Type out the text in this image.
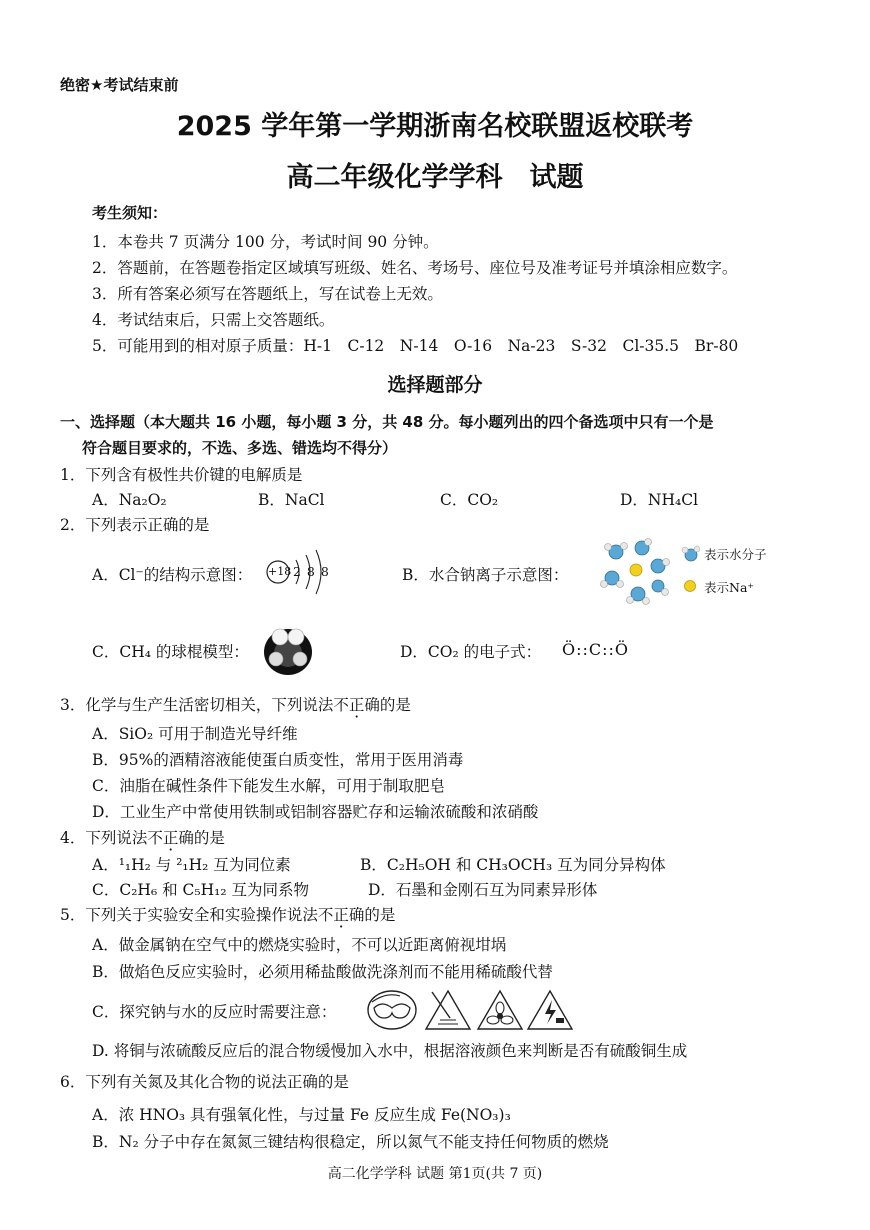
绝密★考试结束前
2025 学年第一学期浙南名校联盟返校联考
高二年级化学学科　试题
考生须知：
1．本卷共 7 页满分 100 分，考试时间 90 分钟。
2．答题前，在答题卷指定区域填写班级、姓名、考场号、座位号及准考证号并填涂相应数字。
3．所有答案必须写在答题纸上，写在试卷上无效。
4．考试结束后，只需上交答题纸。
5．可能用到的相对原子质量：H-1　C-12　N-14　O-16　Na-23　S-32　Cl-35.5　Br-80
选择题部分
一、选择题（本大题共 16 小题，每小题 3 分，共 48 分。每小题列出的四个备选项中只有一个是
符合题目要求的，不选、多选、错选均不得分）
1．下列含有极性共价键的电解质是
A．Na₂O₂	B．NaCl	C．CO₂	D．NH₄Cl
2．下列表示正确的是
A．Cl⁻的结构示意图： +18 2 8 8	B．水合钠离子示意图：
表示水分子
表示Na⁺
C．CH₄ 的球棍模型：	D．CO₂ 的电子式： Ö::C::Ö
3．化学与生产生活密切相关，下列说法不正确的是
A．SiO₂ 可用于制造光导纤维
B．95%的酒精溶液能使蛋白质变性，常用于医用消毒
C．油脂在碱性条件下能发生水解，可用于制取肥皂
D．工业生产中常使用铁制或铝制容器贮存和运输浓硫酸和浓硝酸
4．下列说法不正确的是
A．¹₁H₂ 与 ²₁H₂ 互为同位素	B．C₂H₅OH 和 CH₃OCH₃ 互为同分异构体
C．C₂H₆ 和 C₅H₁₂ 互为同系物	D．石墨和金刚石互为同素异形体
5．下列关于实验安全和实验操作说法不正确的是
A．做金属钠在空气中的燃烧实验时，不可以近距离俯视坩埚
B．做焰色反应实验时，必须用稀盐酸做洗涤剂而不能用稀硫酸代替
C．探究钠与水的反应时需要注意：
D. 将铜与浓硫酸反应后的混合物缓慢加入水中，根据溶液颜色来判断是否有硫酸铜生成
6．下列有关氮及其化合物的说法正确的是
A．浓 HNO₃ 具有强氧化性，与过量 Fe 反应生成 Fe(NO₃)₃
B．N₂ 分子中存在氮氮三键结构很稳定，所以氮气不能支持任何物质的燃烧
高二化学学科 试题 第1页(共 7 页)
